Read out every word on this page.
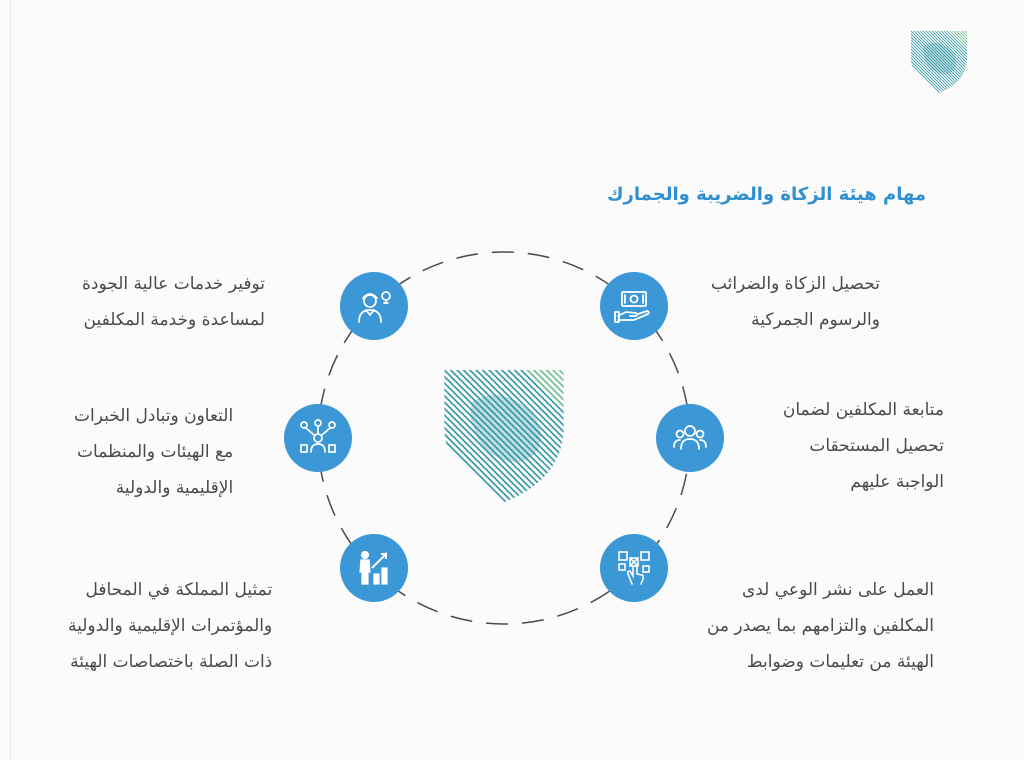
مهام هيئة الزكاة والضريبة والجمارك
تحصيل الزكاة والضرائب
والرسوم الجمركية
متابعة المكلفين لضمان
تحصيل المستحقات
الواجبة عليهم
العمل على نشر الوعي لدى
المكلفين والتزامهم بما يصدر من
الهيئة من تعليمات وضوابط
توفير خدمات عالية الجودة
لمساعدة وخدمة المكلفين
التعاون وتبادل الخبرات
مع الهيئات والمنظمات
الإقليمية والدولية
تمثيل المملكة في المحافل
والمؤتمرات الإقليمية والدولية
ذات الصلة باختصاصات الهيئة
